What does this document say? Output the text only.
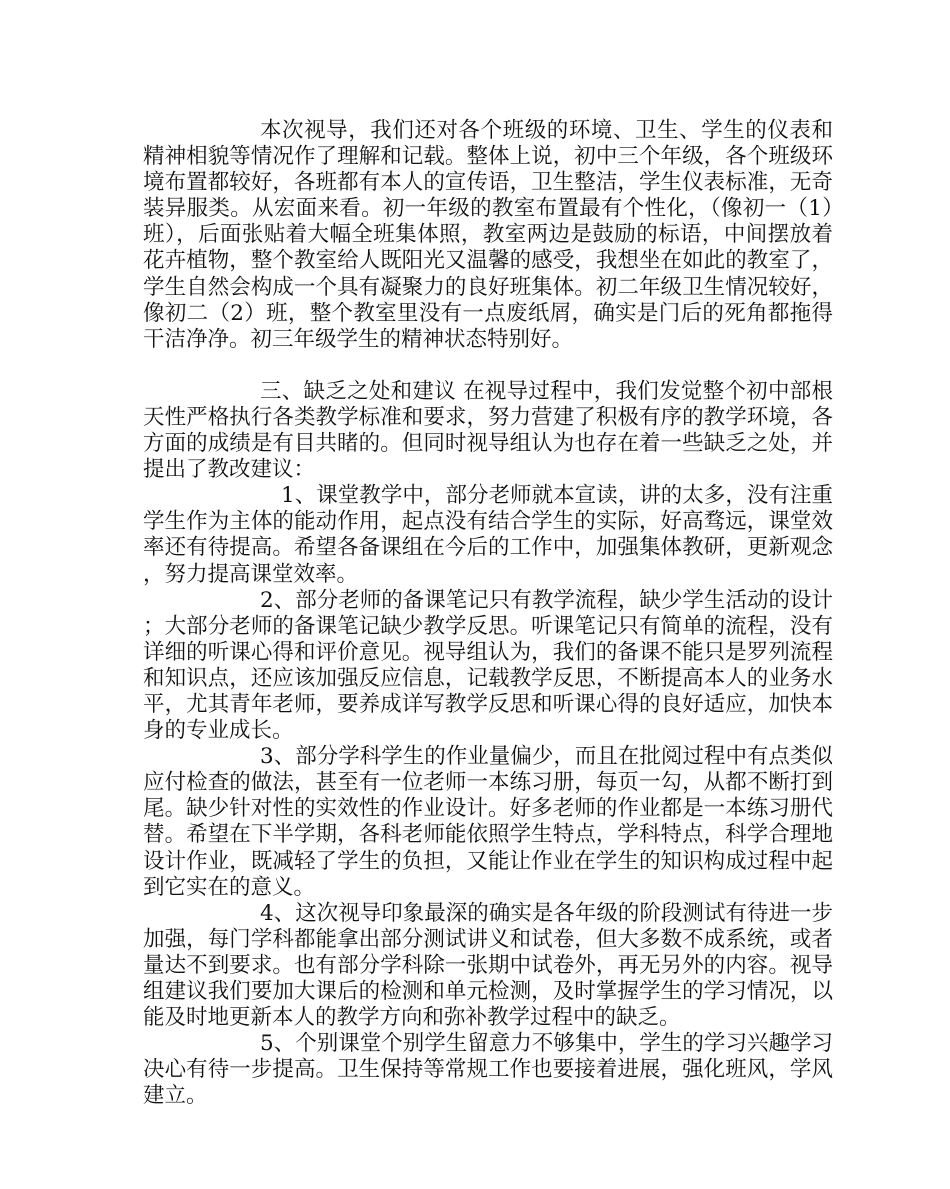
本次视导，我们还对各个班级的环境、卫生、学生的仪表和精神相貌等情况作了理解和记载。整体上说，初中三个年级，各个班级环境布置都较好，各班都有本人的宣传语，卫生整洁，学生仪表标准，无奇装异服类。从宏面来看。初一年级的教室布置最有个性化，（像初一（1）班），后面张贴着大幅全班集体照，教室两边是鼓励的标语，中间摆放着花卉植物，整个教室给人既阳光又温馨的感受，我想坐在如此的教室了，学生自然会构成一个具有凝聚力的良好班集体。初二年级卫生情况较好，像初二（2）班，整个教室里没有一点废纸屑，确实是门后的死角都拖得干洁净净。初三年级学生的精神状态特别好。

三、缺乏之处和建议 在视导过程中，我们发觉整个初中部根天性严格执行各类教学标准和要求，努力营建了积极有序的教学环境，各方面的成绩是有目共睹的。但同时视导组认为也存在着一些缺乏之处，并提出了教改建议：

1、课堂教学中，部分老师就本宣读，讲的太多，没有注重学生作为主体的能动作用，起点没有结合学生的实际，好高骛远，课堂效率还有待提高。希望各备课组在今后的工作中，加强集体教研，更新观念，努力提高课堂效率。

2、部分老师的备课笔记只有教学流程，缺少学生活动的设计；大部分老师的备课笔记缺少教学反思。听课笔记只有简单的流程，没有详细的听课心得和评价意见。视导组认为，我们的备课不能只是罗列流程和知识点，还应该加强反应信息，记载教学反思，不断提高本人的业务水平，尤其青年老师，要养成详写教学反思和听课心得的良好适应，加快本身的专业成长。

3、部分学科学生的作业量偏少，而且在批阅过程中有点类似应付检查的做法，甚至有一位老师一本练习册，每页一勾，从都不断打到尾。缺少针对性的实效性的作业设计。好多老师的作业都是一本练习册代替。希望在下半学期，各科老师能依照学生特点，学科特点，科学合理地设计作业，既减轻了学生的负担，又能让作业在学生的知识构成过程中起到它实在的意义。

4、这次视导印象最深的确实是各年级的阶段测试有待进一步加强，每门学科都能拿出部分测试讲义和试卷，但大多数不成系统，或者量达不到要求。也有部分学科除一张期中试卷外，再无另外的内容。视导组建议我们要加大课后的检测和单元检测，及时掌握学生的学习情况，以能及时地更新本人的教学方向和弥补教学过程中的缺乏。

5、个别课堂个别学生留意力不够集中，学生的学习兴趣学习决心有待一步提高。卫生保持等常规工作也要接着进展，强化班风，学风建立。
